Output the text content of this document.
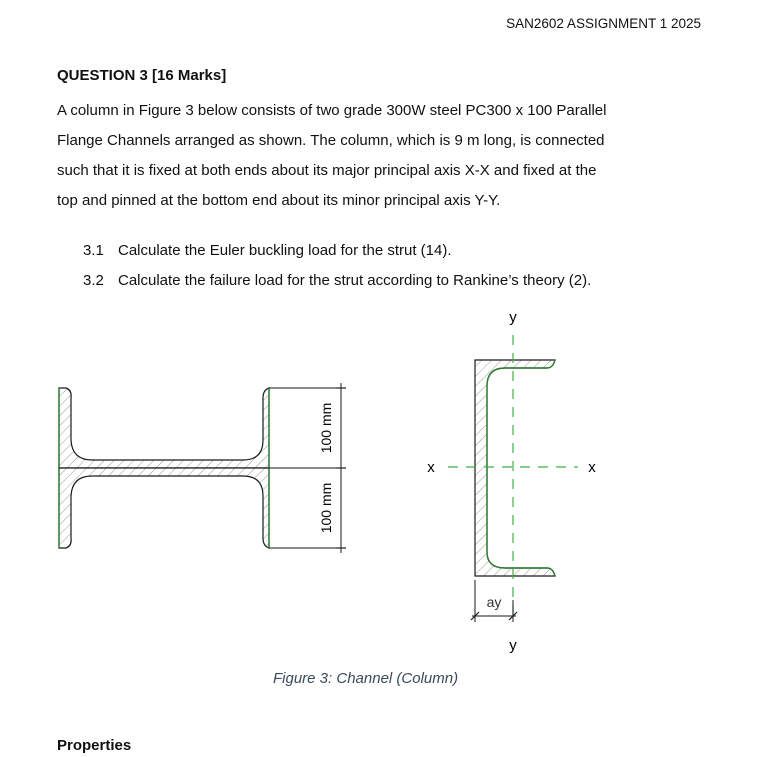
SAN2602 ASSIGNMENT 1 2025
QUESTION 3 [16 Marks]
A column in Figure 3 below consists of two grade 300W steel PC300 x 100 Parallel
Flange Channels arranged as shown. The column, which is 9 m long, is connected
such that it is fixed at both ends about its major principal axis X-X and fixed at the
top and pinned at the bottom end about its minor principal axis Y-Y.
3.1 Calculate the Euler buckling load for the strut (14).
3.2 Calculate the failure load for the strut according to Rankine’s theory (2).
100 mm
100 mm
y
y
x	x
ay
Figure 3: Channel (Column)
Properties
